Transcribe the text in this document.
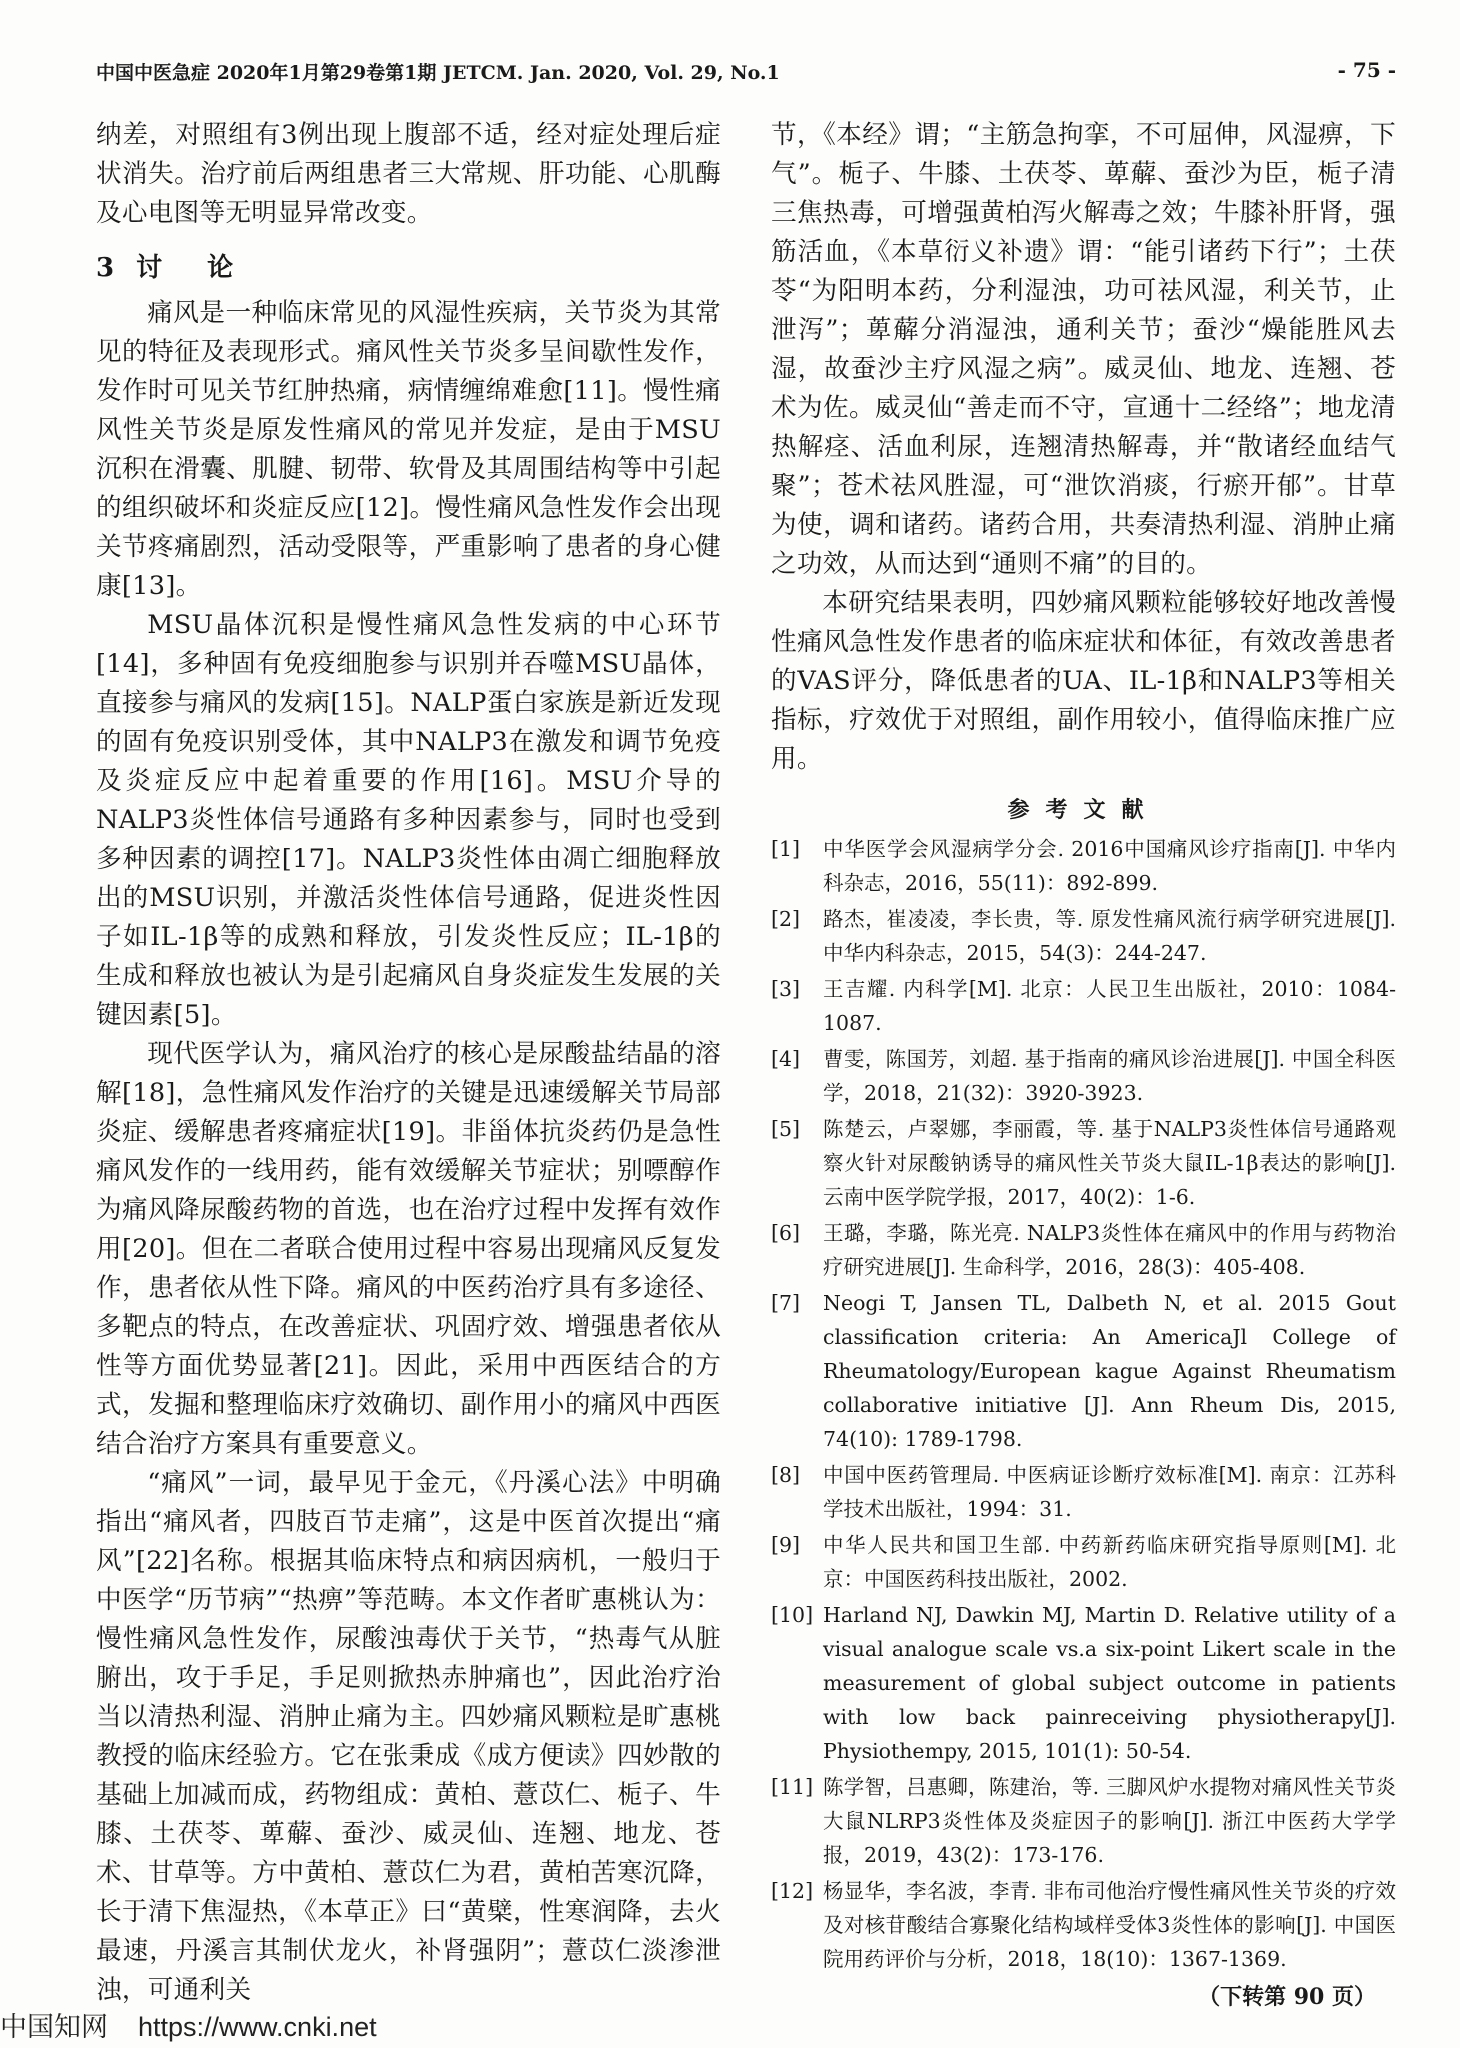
中国中医急症 2020年1月第29卷第1期 JETCM. Jan. 2020, Vol. 29, No.1	- 75 -

纳差，对照组有3例出现上腹部不适，经对症处理后症状消失。治疗前后两组患者三大常规、肝功能、心肌酶及心电图等无明显异常改变。

3 讨 论

痛风是一种临床常见的风湿性疾病，关节炎为其常见的特征及表现形式。痛风性关节炎多呈间歇性发作，发作时可见关节红肿热痛，病情缠绵难愈[11]。慢性痛风性关节炎是原发性痛风的常见并发症，是由于MSU沉积在滑囊、肌腱、韧带、软骨及其周围结构等中引起的组织破坏和炎症反应[12]。慢性痛风急性发作会出现关节疼痛剧烈，活动受限等，严重影响了患者的身心健康[13]。

MSU晶体沉积是慢性痛风急性发病的中心环节[14]，多种固有免疫细胞参与识别并吞噬MSU晶体，直接参与痛风的发病[15]。NALP蛋白家族是新近发现的固有免疫识别受体，其中NALP3在激发和调节免疫及炎症反应中起着重要的作用[16]。MSU介导的NALP3炎性体信号通路有多种因素参与，同时也受到多种因素的调控[17]。NALP3炎性体由凋亡细胞释放出的MSU识别，并激活炎性体信号通路，促进炎性因子如IL-1β等的成熟和释放，引发炎性反应；IL-1β的生成和释放也被认为是引起痛风自身炎症发生发展的关键因素[5]。

现代医学认为，痛风治疗的核心是尿酸盐结晶的溶解[18]，急性痛风发作治疗的关键是迅速缓解关节局部炎症、缓解患者疼痛症状[19]。非甾体抗炎药仍是急性痛风发作的一线用药，能有效缓解关节症状；别嘌醇作为痛风降尿酸药物的首选，也在治疗过程中发挥有效作用[20]。但在二者联合使用过程中容易出现痛风反复发作，患者依从性下降。痛风的中医药治疗具有多途径、多靶点的特点，在改善症状、巩固疗效、增强患者依从性等方面优势显著[21]。因此，采用中西医结合的方式，发掘和整理临床疗效确切、副作用小的痛风中西医结合治疗方案具有重要意义。

“痛风”一词，最早见于金元，《丹溪心法》中明确指出“痛风者，四肢百节走痛”，这是中医首次提出“痛风”[22]名称。根据其临床特点和病因病机，一般归于中医学“历节病”“热痹”等范畴。本文作者旷惠桃认为：慢性痛风急性发作，尿酸浊毒伏于关节，“热毒气从脏腑出，攻于手足，手足则掀热赤肿痛也”，因此治疗治当以清热利湿、消肿止痛为主。四妙痛风颗粒是旷惠桃教授的临床经验方。它在张秉成《成方便读》四妙散的基础上加减而成，药物组成：黄柏、薏苡仁、栀子、牛膝、土茯苓、萆薢、蚕沙、威灵仙、连翘、地龙、苍术、甘草等。方中黄柏、薏苡仁为君，黄柏苦寒沉降，长于清下焦湿热，《本草正》曰“黄檗，性寒润降，去火最速，丹溪言其制伏龙火，补肾强阴”；薏苡仁淡渗泄浊，可通利关

节，《本经》谓；“主筋急拘挛，不可屈伸，风湿痹，下气”。栀子、牛膝、土茯苓、萆薢、蚕沙为臣，栀子清三焦热毒，可增强黄柏泻火解毒之效；牛膝补肝肾，强筋活血，《本草衍义补遗》谓：“能引诸药下行”；土茯苓“为阳明本药，分利湿浊，功可祛风湿，利关节，止泄泻”；萆薢分消湿浊，通利关节；蚕沙“燥能胜风去湿，故蚕沙主疗风湿之病”。威灵仙、地龙、连翘、苍术为佐。威灵仙“善走而不守，宣通十二经络”；地龙清热解痉、活血利尿，连翘清热解毒，并“散诸经血结气聚”；苍术祛风胜湿，可“泄饮消痰，行瘀开郁”。甘草为使，调和诸药。诸药合用，共奏清热利湿、消肿止痛之功效，从而达到“通则不痛”的目的。

本研究结果表明，四妙痛风颗粒能够较好地改善慢性痛风急性发作患者的临床症状和体征，有效改善患者的VAS评分，降低患者的UA、IL-1β和NALP3等相关指标，疗效优于对照组，副作用较小，值得临床推广应用。

参考文献

[1] 中华医学会风湿病学分会. 2016中国痛风诊疗指南[J]. 中华内科杂志，2016，55(11)：892-899.

[2] 路杰，崔凌凌，李长贵，等. 原发性痛风流行病学研究进展[J]. 中华内科杂志，2015，54(3)：244-247.

[3] 王吉耀. 内科学[M]. 北京：人民卫生出版社，2010：1084-1087.

[4] 曹雯，陈国芳，刘超. 基于指南的痛风诊治进展[J]. 中国全科医学，2018，21(32)：3920-3923.

[5] 陈楚云，卢翠娜，李丽霞，等. 基于NALP3炎性体信号通路观察火针对尿酸钠诱导的痛风性关节炎大鼠IL-1β表达的影响[J]. 云南中医学院学报，2017，40(2)：1-6.

[6] 王璐，李璐，陈光亮. NALP3炎性体在痛风中的作用与药物治疗研究进展[J]. 生命科学，2016，28(3)：405-408.

[7] Neogi T, Jansen TL, Dalbeth N, et al. 2015 Gout classification criteria: An AmericaJl College of Rheumatology/European kague Against Rheumatism collaborative initiative [J]. Ann Rheum Dis, 2015, 74(10): 1789-1798.

[8] 中国中医药管理局. 中医病证诊断疗效标准[M]. 南京：江苏科学技术出版社，1994：31.

[9] 中华人民共和国卫生部. 中药新药临床研究指导原则[M]. 北京：中国医药科技出版社，2002.

[10] Harland NJ, Dawkin MJ, Martin D. Relative utility of a visual analogue scale vs.a six-point Likert scale in the measurement of global subject outcome in patients with low back painreceiving physiotherapy[J]. Physiothempy, 2015, 101(1): 50-54.

[11] 陈学智，吕惠卿，陈建治，等. 三脚风炉水提物对痛风性关节炎大鼠NLRP3炎性体及炎症因子的影响[J]. 浙江中医药大学学报，2019，43(2)：173-176.

[12] 杨显华，李名波，李青. 非布司他治疗慢性痛风性关节炎的疗效及对核苷酸结合寡聚化结构域样受体3炎性体的影响[J]. 中国医院用药评价与分析，2018，18(10)：1367-1369.

（下转第 90 页）
中国知网 https://www.cnki.net
